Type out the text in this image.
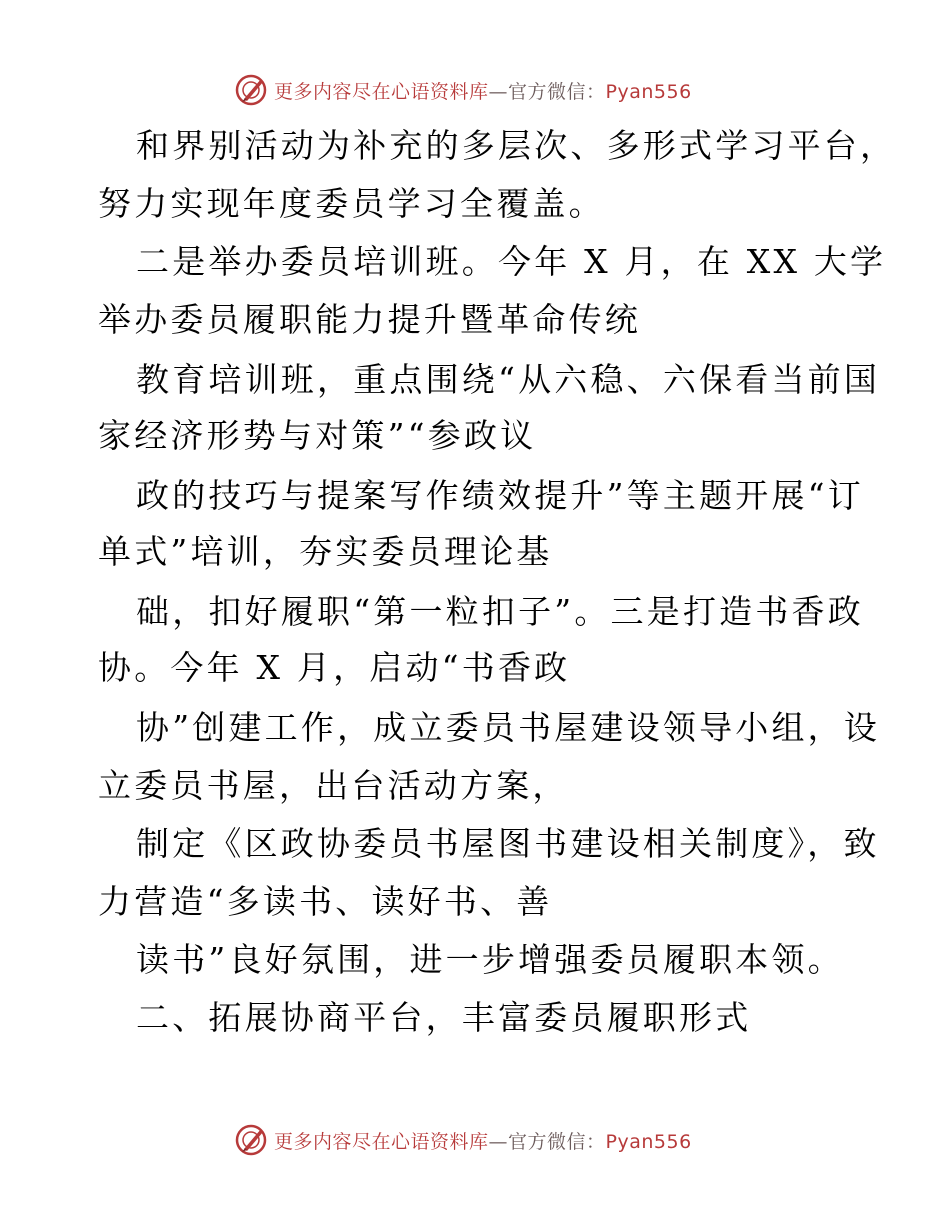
更多内容尽在心语资料库—官方微信：Pyan556
和界别活动为补充的多层次、多形式学习平台，
努力实现年度委员学习全覆盖。
二是举办委员培训班。今年 X 月，在 XX 大学
举办委员履职能力提升暨革命传统
教育培训班，重点围绕“从六稳、六保看当前国
家经济形势与对策”“参政议
政的技巧与提案写作绩效提升”等主题开展“订
单式”培训，夯实委员理论基
础，扣好履职“第一粒扣子”。三是打造书香政
协。今年 X 月，启动“书香政
协”创建工作，成立委员书屋建设领导小组，设
立委员书屋，出台活动方案，
制定《区政协委员书屋图书建设相关制度》，致
力营造“多读书、读好书、善
读书”良好氛围，进一步增强委员履职本领。
二、拓展协商平台，丰富委员履职形式
更多内容尽在心语资料库—官方微信：Pyan556
